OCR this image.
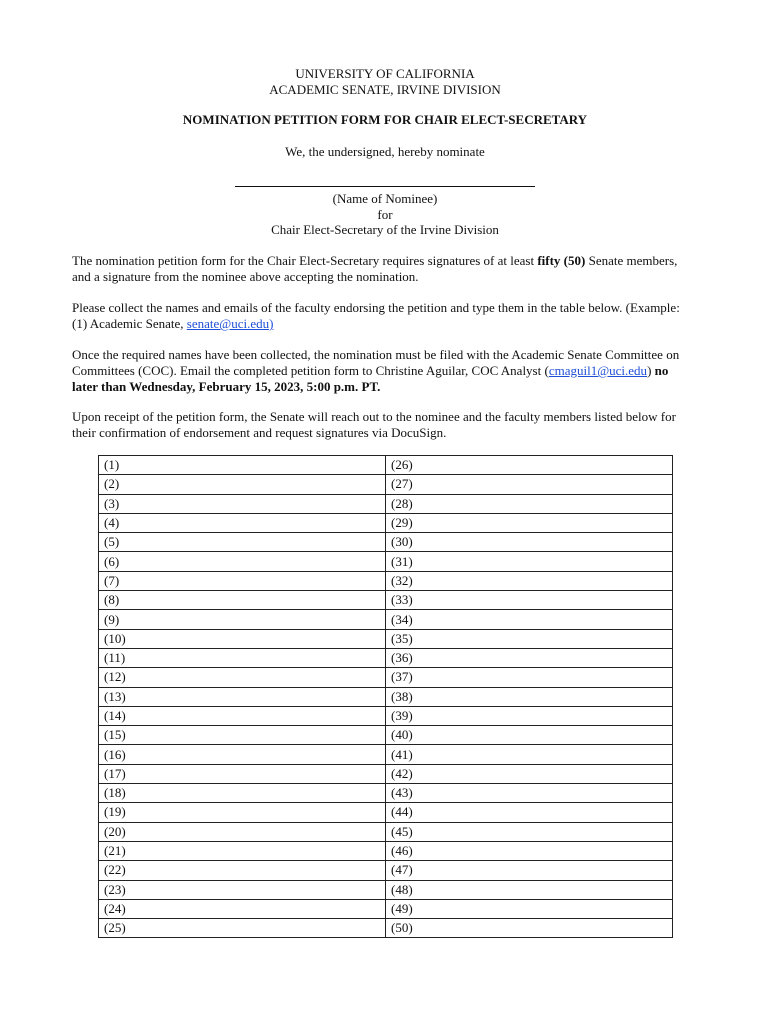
UNIVERSITY OF CALIFORNIA
ACADEMIC SENATE, IRVINE DIVISION
NOMINATION PETITION FORM FOR CHAIR ELECT-SECRETARY
We, the undersigned, hereby nominate
(Name of Nominee)
for
Chair Elect-Secretary of the Irvine Division
The nomination petition form for the Chair Elect-Secretary requires signatures of at least fifty (50) Senate members,
and a signature from the nominee above accepting the nomination.
Please collect the names and emails of the faculty endorsing the petition and type them in the table below. (Example:
(1) Academic Senate, senate@uci.edu)
Once the required names have been collected, the nomination must be filed with the Academic Senate Committee on
Committees (COC). Email the completed petition form to Christine Aguilar, COC Analyst (cmaguil1@uci.edu) no
later than Wednesday, February 15, 2023, 5:00 p.m. PT.
Upon receipt of the petition form, the Senate will reach out to the nominee and the faculty members listed below for
their confirmation of endorsement and request signatures via DocuSign.
(1)	(26)
(2)	(27)
(3)	(28)
(4)	(29)
(5)	(30)
(6)	(31)
(7)	(32)
(8)	(33)
(9)	(34)
(10)	(35)
(11)	(36)
(12)	(37)
(13)	(38)
(14)	(39)
(15)	(40)
(16)	(41)
(17)	(42)
(18)	(43)
(19)	(44)
(20)	(45)
(21)	(46)
(22)	(47)
(23)	(48)
(24)	(49)
(25)	(50)
